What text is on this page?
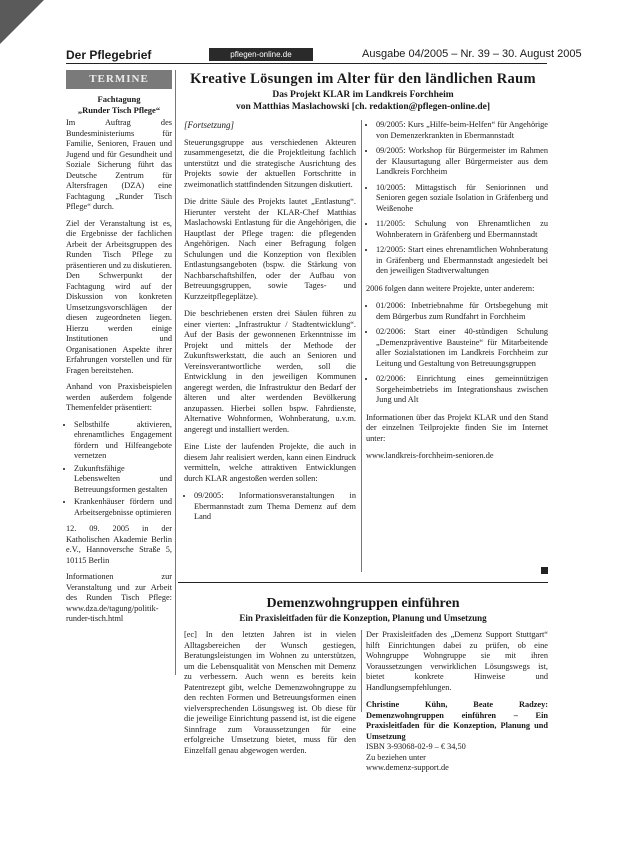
Der Pflegebrief	pflegen-online.de	Ausgabe 04/2005 – Nr. 39 – 30. August 2005
TERMINE
Fachtagung
„Runder Tisch Pflege“

Im Auftrag des Bundesministeriums für Familie, Senioren, Frauen und Jugend und für Gesundheit und Soziale Sicherung führt das Deutsche Zentrum für Altersfragen (DZA) eine Fachtagung „Runder Tisch Pflege“ durch.

Ziel der Veranstaltung ist es, die Ergebnisse der fachlichen Arbeit der Arbeitsgruppen des Runden Tisch Pflege zu präsentieren und zu diskutieren. Den Schwerpunkt der Fachtagung wird auf der Diskussion von konkreten Umsetzungsvorschlägen der diesen zugeordneten liegen. Hierzu werden einige Institutionen und Organisationen Aspekte ihrer Erfahrungen vorstellen und für Fragen bereitstehen.

Anhand von Praxisbeispielen werden außerdem folgende Themenfelder präsentiert:

• Selbsthilfe aktivieren, ehrenamtliches Engagement fördern und Hilfeangebote vernetzen
• Zukunftsfähige Lebenswelten und Betreuungsformen gestalten
• Krankenhäuser fördern und Arbeitsergebnisse optimieren

12. 09. 2005 in der Katholischen Akademie Berlin e.V., Hannoversche Straße 5, 10115 Berlin

Informationen zur Veranstaltung und zur Arbeit des Runden Tisch Pflege: www.dza.de/tagung/politik-runder-tisch.html

Kreative Lösungen im Alter für den ländlichen Raum
Das Projekt KLAR im Landkreis Forchheim
von Matthias Maslachowski [ch. redaktion@pflegen-online.de]

[Fortsetzung]

Steuerungsgruppe aus verschiedenen Akteuren zusammengesetzt, die die Projektleitung fachlich unterstützt und die strategische Ausrichtung des Projekts sowie der aktuellen Fortschritte in zweimonatlich stattfindenden Sitzungen diskutiert.

Die dritte Säule des Projekts lautet „Entlastung“. Hierunter versteht der KLAR-Chef Matthias Maslachowski Entlastung für die Angehörigen, die Hauptlast der Pflege tragen: die pflegenden Angehörigen. Nach einer Befragung folgen Schulungen und die Konzeption von flexiblen Entlastungsangeboten (bspw. die Stärkung von Nachbarschaftshilfen, oder der Aufbau von Betreuungsgruppen, sowie Tages- und Kurzzeitpflegeplätze).

Die beschriebenen ersten drei Säulen führen zu einer vierten: „Infrastruktur / Stadtentwicklung“. Auf der Basis der gewonnenen Erkenntnisse im Projekt und mittels der Methode der Zukunftswerkstatt, die auch an Senioren und Vereinsverantwortliche werden, soll die Entwicklung in den jeweiligen Kommunen angeregt werden, die Infrastruktur den Bedarf der älteren und alter werdenden Bevölkerung anzupassen. Hierbei sollen bspw. Fahrdienste, Alternative Wohnformen, Wohnberatung, u.v.m. angeregt und installiert werden.

Eine Liste der laufenden Projekte, die auch in diesem Jahr realisiert werden, kann einen Eindruck vermitteln, welche attraktiven Entwicklungen durch KLAR angestoßen werden sollen:

• 09/2005: Informationsveranstaltungen in Ebermannstadt zum Thema Demenz auf dem Land
• 09/2005: Kurs „Hilfe-beim-Helfen“ für Angehörige von Demenzerkrankten in Ebermannstadt
• 09/2005: Workshop für Bürgermeister im Rahmen der Klausurtagung aller Bürgermeister aus dem Landkreis Forchheim
• 10/2005: Mittagstisch für Seniorinnen und Senioren gegen soziale Isolation in Gräfenberg und Weißenohe
• 11/2005: Schulung von Ehrenamtlichen zu Wohnberatern in Gräfenberg und Ebermannstadt
• 12/2005: Start eines ehrenamtlichen Wohnberatung in Gräfenberg und Ebermannstadt angesiedelt bei den jeweiligen Stadtverwaltungen

2006 folgen dann weitere Projekte, unter anderem:

• 01/2006: Inbetriebnahme für Ortsbegehung mit dem Bürgerbus zum Rundfahrt in Forchheim
• 02/2006: Start einer 40-stündigen Schulung „Demenzpräventive Bausteine“ für Mitarbeitende aller Sozialstationen im Landkreis Forchheim zur Leitung und Gestaltung von Betreuungsgruppen
• 02/2006: Einrichtung eines gemeinnützigen Sorgeheimbetriebs im Integrationshaus zwischen Jung und Alt

Informationen über das Projekt KLAR und den Stand der einzelnen Teilprojekte finden Sie im Internet unter:

www.landkreis-forchheim-senioren.de

Demenzwohngruppen einführen
Ein Praxisleitfaden für die Konzeption, Planung und Umsetzung

[ec] In den letzten Jahren ist in vielen Alltagsbereichen der Wunsch gestiegen, Beratungsleistungen im Wohnen zu unterstützen, um die Lebensqualität von Menschen mit Demenz zu verbessern. Auch wenn es bereits kein Patentrezept gibt, welche Demenzwohngruppe zu den rechten Formen und Betreuungsformen einen vielversprechenden Lösungsweg ist. Ob diese für die jeweilige Einrichtung passend ist, ist die eigene Sinnfrage zum Voraussetzungen für eine erfolgreiche Umsetzung bietet, muss für den Einzelfall genau abgewogen werden.

Der Praxisleitfaden des „Demenz Support Stuttgart“ hilft Einrichtungen dabei zu prüfen, ob eine Wohngruppe Wohngruppe sie mit ihren Voraussetzungen verwirklichen Lösungswegs ist, bietet konkrete Hinweise und Handlungsempfehlungen.

Christine Kühn, Beate Radzey: Demenzwohngruppen einführen – Ein Praxisleitfaden für die Konzeption, Planung und Umsetzung

ISBN 3-93068-02-9 – € 34,50

Zu beziehen unter

www.demenz-support.de
